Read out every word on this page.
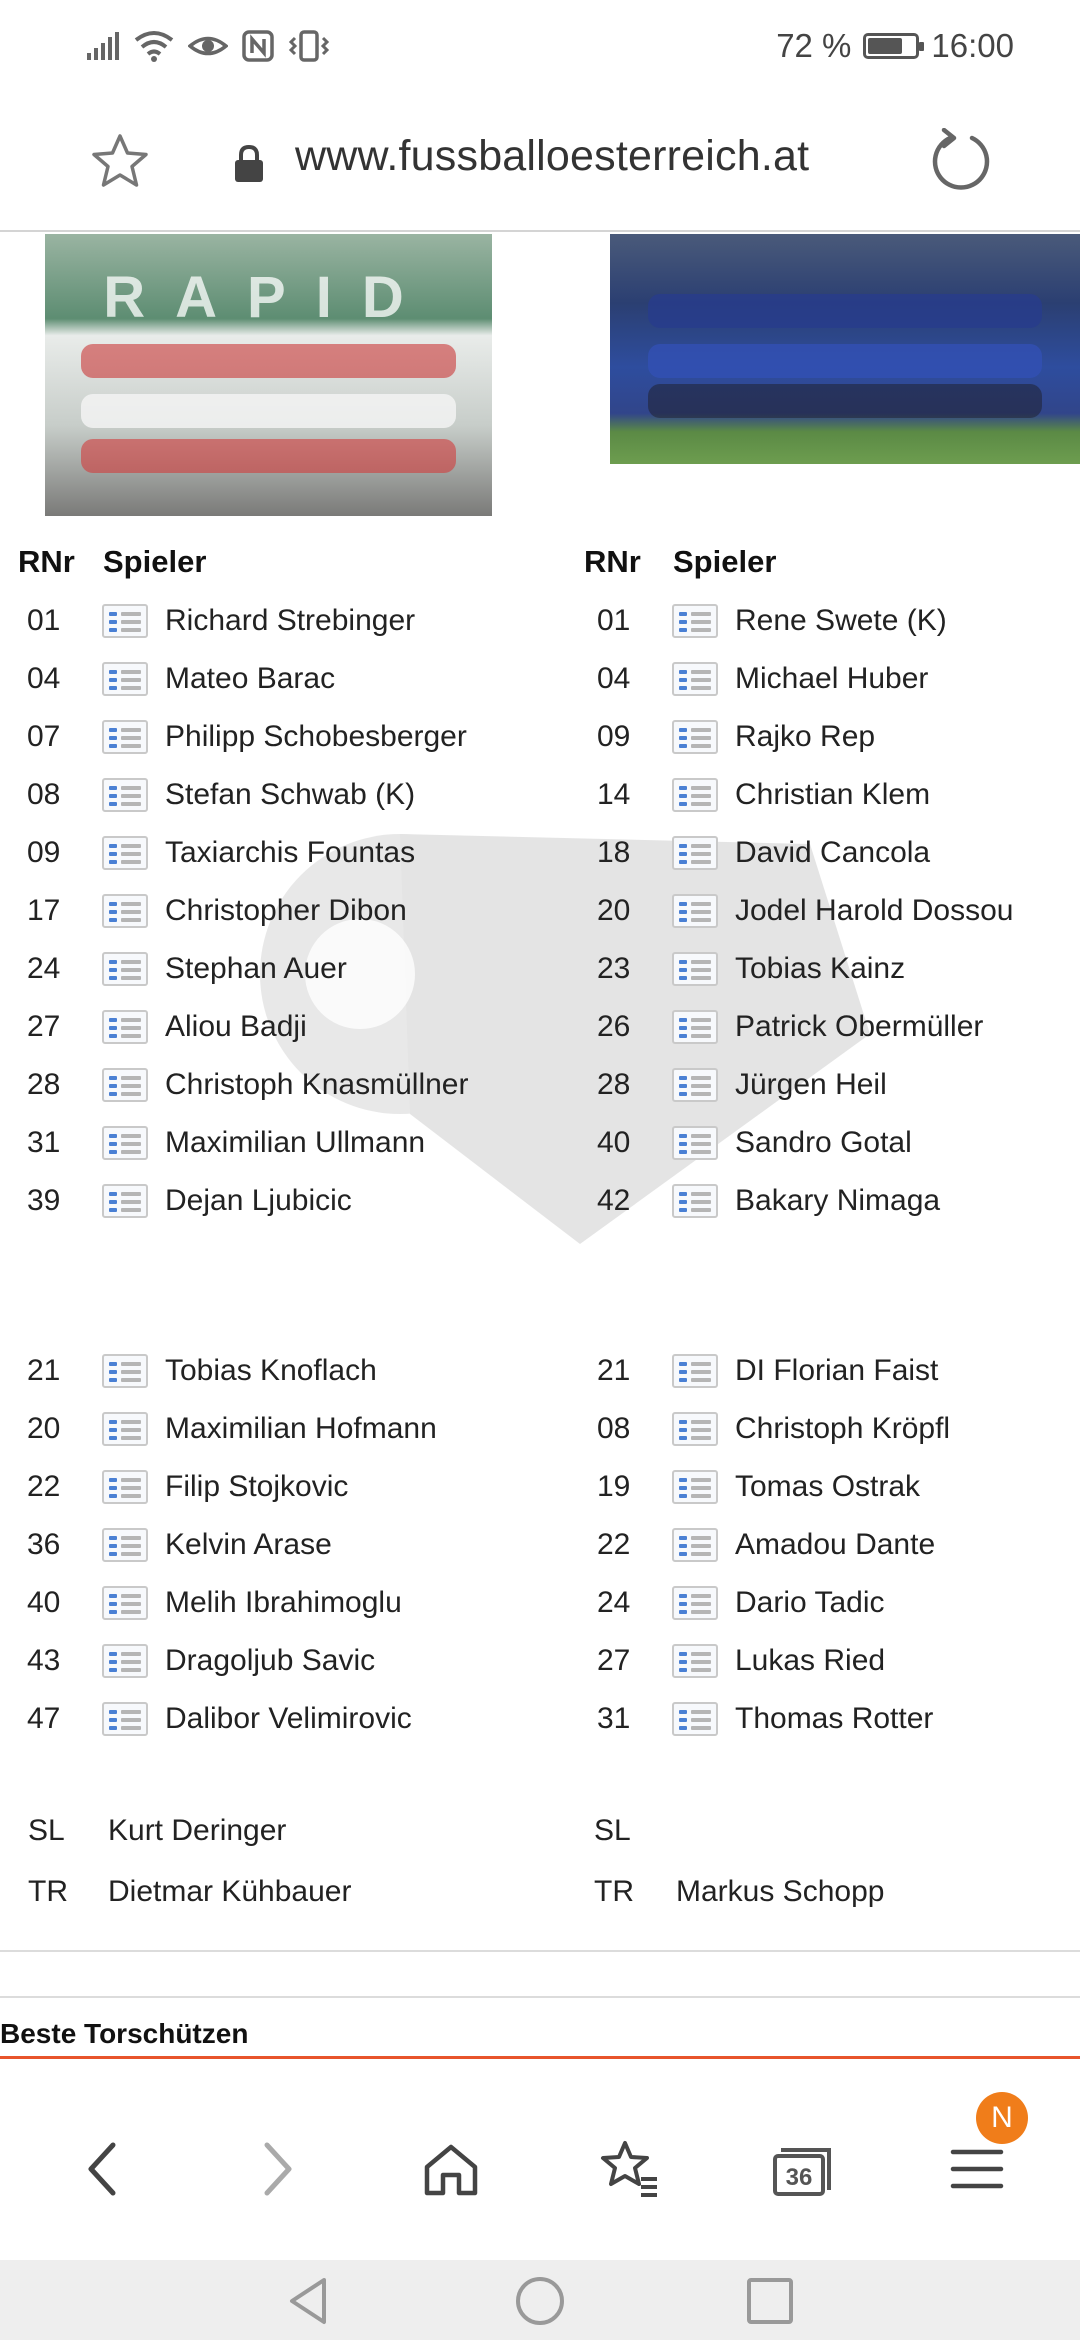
72 % 16:00
www.fussballoesterreich.at
RAPID
RNr Spieler	RNr Spieler
01	Richard Strebinger
04	Mateo Barac
07	Philipp Schobesberger
08	Stefan Schwab (K)
09	Taxiarchis Fountas
17	Christopher Dibon
24	Stephan Auer
27	Aliou Badji
28	Christoph Knasmüllner
31	Maximilian Ullmann
39	Dejan Ljubicic
01	Rene Swete (K)
04	Michael Huber
09	Rajko Rep
14	Christian Klem
18	David Cancola
20	Jodel Harold Dossou
23	Tobias Kainz
26	Patrick Obermüller
28	Jürgen Heil
40	Sandro Gotal
42	Bakary Nimaga
21	Tobias Knoflach
20	Maximilian Hofmann
22	Filip Stojkovic
36	Kelvin Arase
40	Melih Ibrahimoglu
43	Dragoljub Savic
47	Dalibor Velimirovic
21	DI Florian Faist
08	Christoph Kröpfl
19	Tomas Ostrak
22	Amadou Dante
24	Dario Tadic
27	Lukas Ried
31	Thomas Rotter
SL Kurt Deringer
TR Dietmar Kühbauer
SL
TR Markus Schopp
Beste Torschützen
36
N
